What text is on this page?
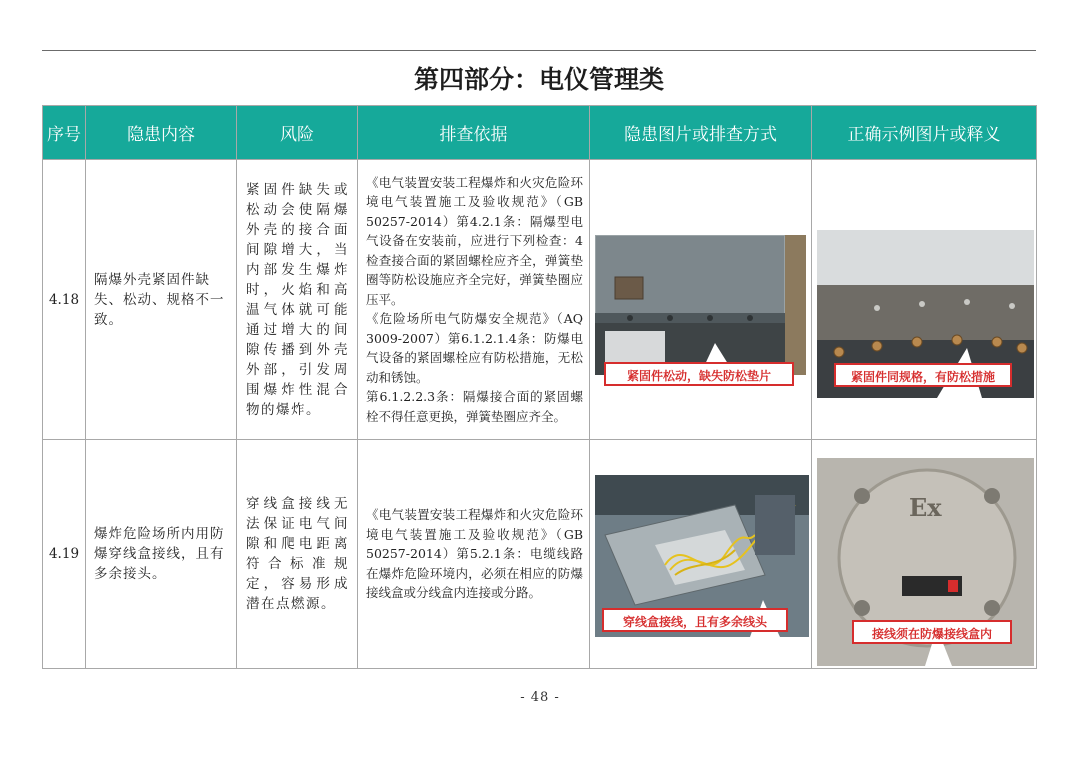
第四部分：电仪管理类
序号	隐患内容	风险	排查依据	隐患图片或排查方式	正确示例图片或释义
4.18	隔爆外壳紧固件缺失、松动、规格不一致。	紧固件缺失或松动会使隔爆外壳的接合面间隙增大，当内部发生爆炸时，火焰和高温气体就可能通过增大的间隙传播到外壳外部，引发周围爆炸性混合物的爆炸。	《电气装置安装工程爆炸和火灾危险环境电气装置施工及验收规范》（GB 50257-2014）第4.2.1条：隔爆型电气设备在安装前，应进行下列检查：4检查接合面的紧固螺栓应齐全，弹簧垫圈等防松设施应齐全完好，弹簧垫圈应压平。

《危险场所电气防爆安全规范》（AQ 3009-2007）第6.1.2.1.4条：防爆电气设备的紧固螺栓应有防松措施，无松动和锈蚀。

第6.1.2.2.3条：隔爆接合面的紧固螺栓不得任意更换，弹簧垫圈应齐全。	紧固件松动，缺失防松垫片	紧固件同规格，有防松措施

4.19	爆炸危险场所内用防爆穿线盒接线，且有多余接头。	穿线盒接线无法保证电气间隙和爬电距离符合标准规定，容易形成潜在点燃源。	《电气装置安装工程爆炸和火灾危险环境电气装置施工及验收规范》（GB 50257-2014）第5.2.1条：电缆线路在爆炸危险环境内，必须在相应的防爆接线盒或分线盒内连接或分路。	穿线盒接线，且有多余线头	Ex
接线须在防爆接线盒内
- 48 -
